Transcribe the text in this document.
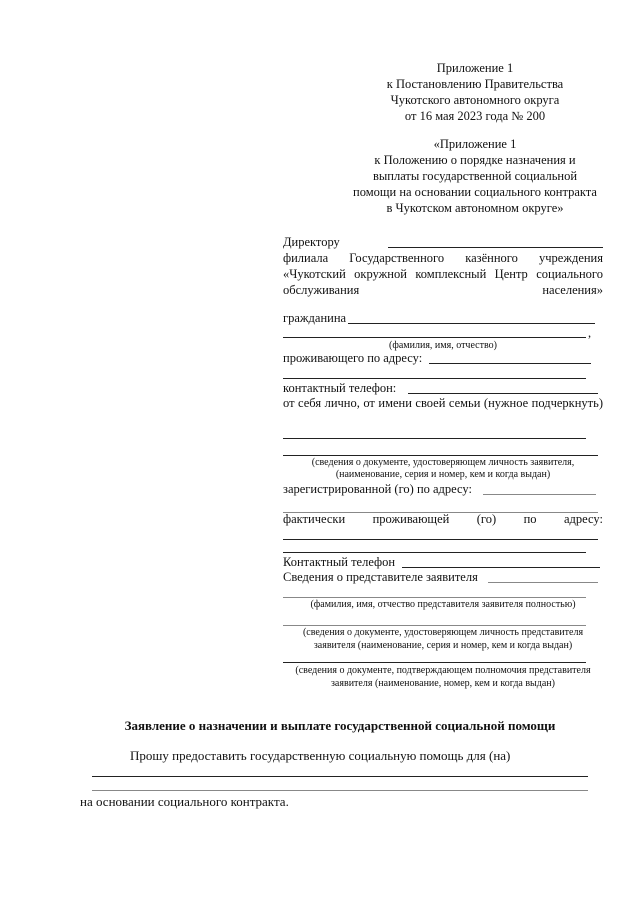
Приложение 1
к Постановлению Правительства
Чукотского автономного округа
от 16 мая 2023 года № 200
«Приложение 1
к Положению о порядке назначения и
выплаты государственной социальной
помощи на основании социального контракта
в Чукотском автономном округе»
Директору
филиала Государственного казённого учреждения «Чукотский окружной комплексный Центр социального обслуживания населения»
гражданина
,
(фамилия, имя, отчество)
проживающего по адресу:
контактный телефон:
от себя лично, от имени своей семьи (нужное подчеркнуть)
(сведения о документе, удостоверяющем личность заявителя,
(наименование, серия и номер, кем и когда выдан)
зарегистрированной (го) по адресу:
фактически проживающей (го) по адресу:
Контактный телефон
Сведения о представителе заявителя
(фамилия, имя, отчество представителя заявителя полностью)
(сведения о документе, удостоверяющем личность представителя
заявителя (наименование, серия и номер, кем и когда выдан)
(сведения о документе, подтверждающем полномочия представителя
заявителя (наименование, номер, кем и когда выдан)
Заявление о назначении и выплате государственной социальной помощи
Прошу предоставить государственную социальную помощь для (на)
на основании социального контракта.
